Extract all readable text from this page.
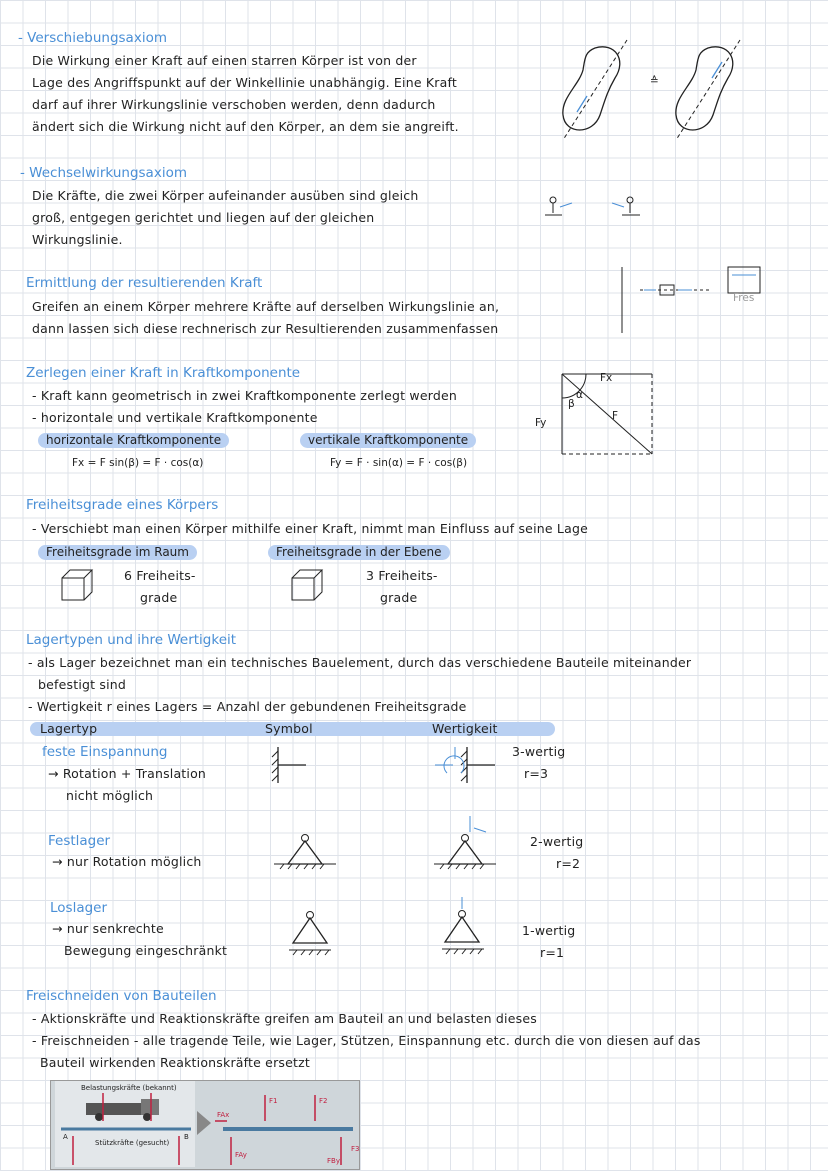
- Verschiebungsaxiom
Die Wirkung einer Kraft auf einen starren Körper ist von der
Lage des Angriffspunkt auf der Winkellinie unabhängig. Eine Kraft
darf auf ihrer Wirkungslinie verschoben werden, denn dadurch
ändert sich die Wirkung nicht auf den Körper, an dem sie angreift.
≙
- Wechselwirkungsaxiom
Die Kräfte, die zwei Körper aufeinander ausüben sind gleich
groß, entgegen gerichtet und liegen auf der gleichen
Wirkungslinie.
Ermittlung der resultierenden Kraft
Greifen an einem Körper mehrere Kräfte auf derselben Wirkungslinie an,
dann lassen sich diese rechnerisch zur Resultierenden zusammenfassen
Fres
Zerlegen einer Kraft in Kraftkomponente
- Kraft kann geometrisch in zwei Kraftkomponente zerlegt werden
- horizontale und vertikale Kraftkomponente
horizontale Kraftkomponente	vertikale Kraftkomponente
Fx = F sin(β) = F · cos(α)	Fy = F · sin(α) = F · cos(β)
Fx
Fy
F
α
β
Freiheitsgrade eines Körpers
- Verschiebt man einen Körper mithilfe einer Kraft, nimmt man Einfluss auf seine Lage
Freiheitsgrade im Raum	Freiheitsgrade in der Ebene
6 Freiheits-
grade
3 Freiheits-
grade
Lagertypen und ihre Wertigkeit
- als Lager bezeichnet man ein technisches Bauelement, durch das verschiedene Bauteile miteinander
befestigt sind
- Wertigkeit r eines Lagers = Anzahl der gebundenen Freiheitsgrade
Lagertyp	Symbol	Wertigkeit
feste Einspannung
→ Rotation + Translation
nicht möglich
3-wertig
r=3
Festlager
→ nur Rotation möglich
2-wertig
r=2
Loslager
→ nur senkrechte
Bewegung eingeschränkt
1-wertig
r=1
Freischneiden von Bauteilen
- Aktionskräfte und Reaktionskräfte greifen am Bauteil an und belasten dieses
- Freischneiden - alle tragende Teile, wie Lager, Stützen, Einspannung etc. durch die von diesen auf das
Bauteil wirkenden Reaktionskräfte ersetzt
Belastungskräfte (bekannt)
A	B
Stützkräfte (gesucht)
F1	F2
F3
FAx
FAy
FBy
